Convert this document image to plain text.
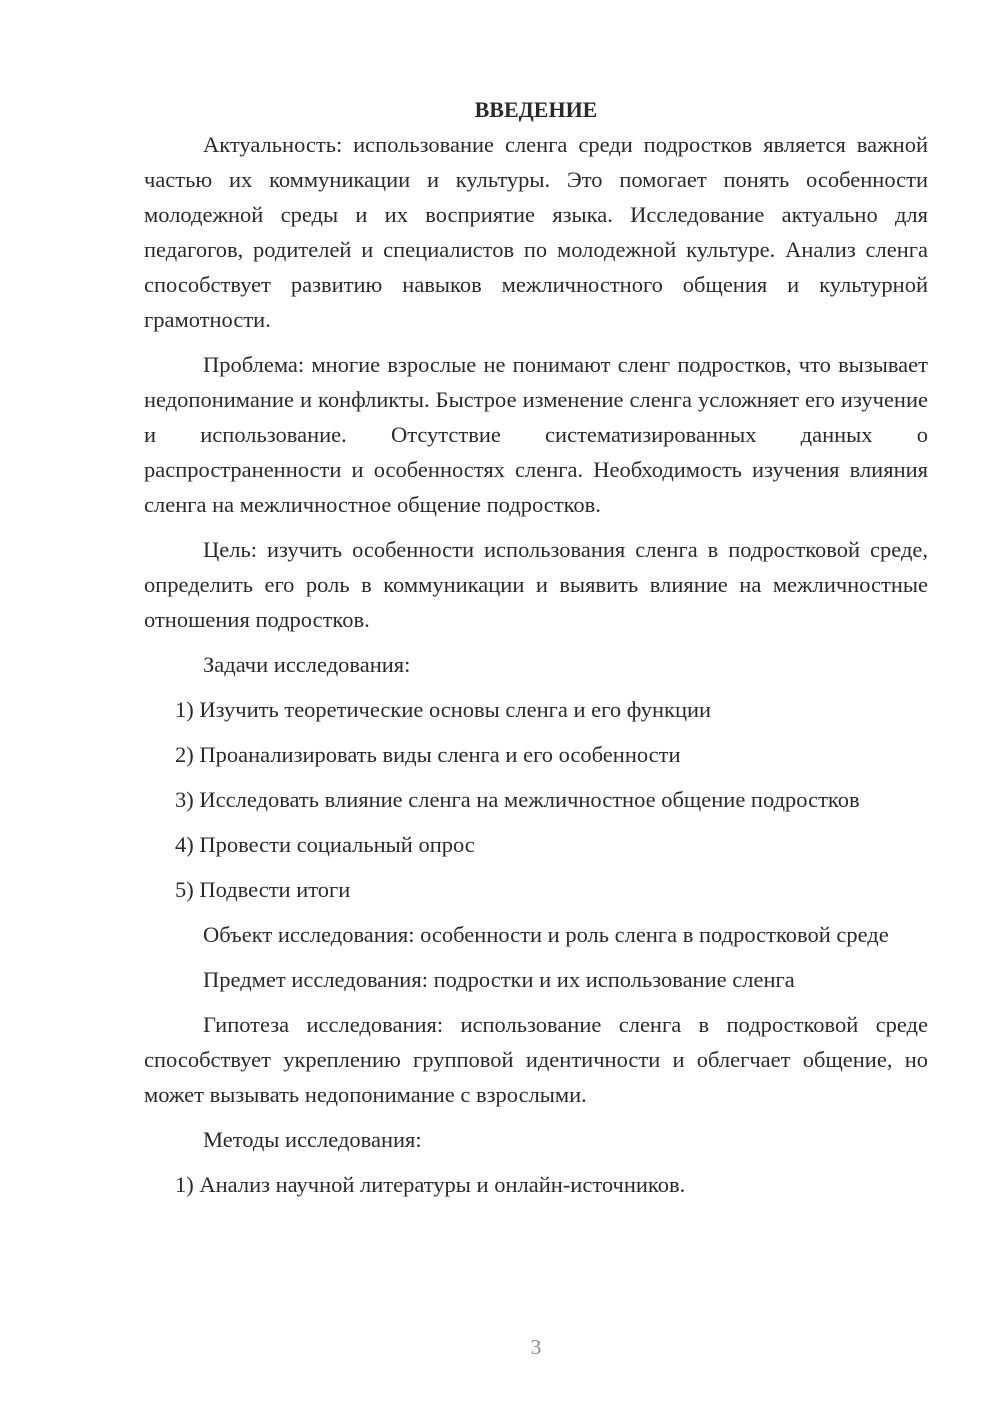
ВВЕДЕНИЕ

Актуальность: использование сленга среди подростков является важной частью их коммуникации и культуры. Это помогает понять особенности молодежной среды и их восприятие языка. Исследование актуально для педагогов, родителей и специалистов по молодежной культуре. Анализ сленга способствует развитию навыков межличностного общения и культурной грамотности.

Проблема: многие взрослые не понимают сленг подростков, что вызывает недопонимание и конфликты. Быстрое изменение сленга усложняет его изучение и использование. Отсутствие систематизированных данных о распространенности и особенностях сленга. Необходимость изучения влияния сленга на межличностное общение подростков.

Цель: изучить особенности использования сленга в подростковой среде, определить его роль в коммуникации и выявить влияние на межличностные отношения подростков.

Задачи исследования:

1) Изучить теоретические основы сленга и его функции

2) Проанализировать виды сленга и его особенности

3) Исследовать влияние сленга на межличностное общение подростков

4) Провести социальный опрос

5) Подвести итоги

Объект исследования: особенности и роль сленга в подростковой среде

Предмет исследования: подростки и их использование сленга

Гипотеза исследования: использование сленга в подростковой среде способствует укреплению групповой идентичности и облегчает общение, но может вызывать недопонимание с взрослыми.

Методы исследования:

1) Анализ научной литературы и онлайн-источников.

3
